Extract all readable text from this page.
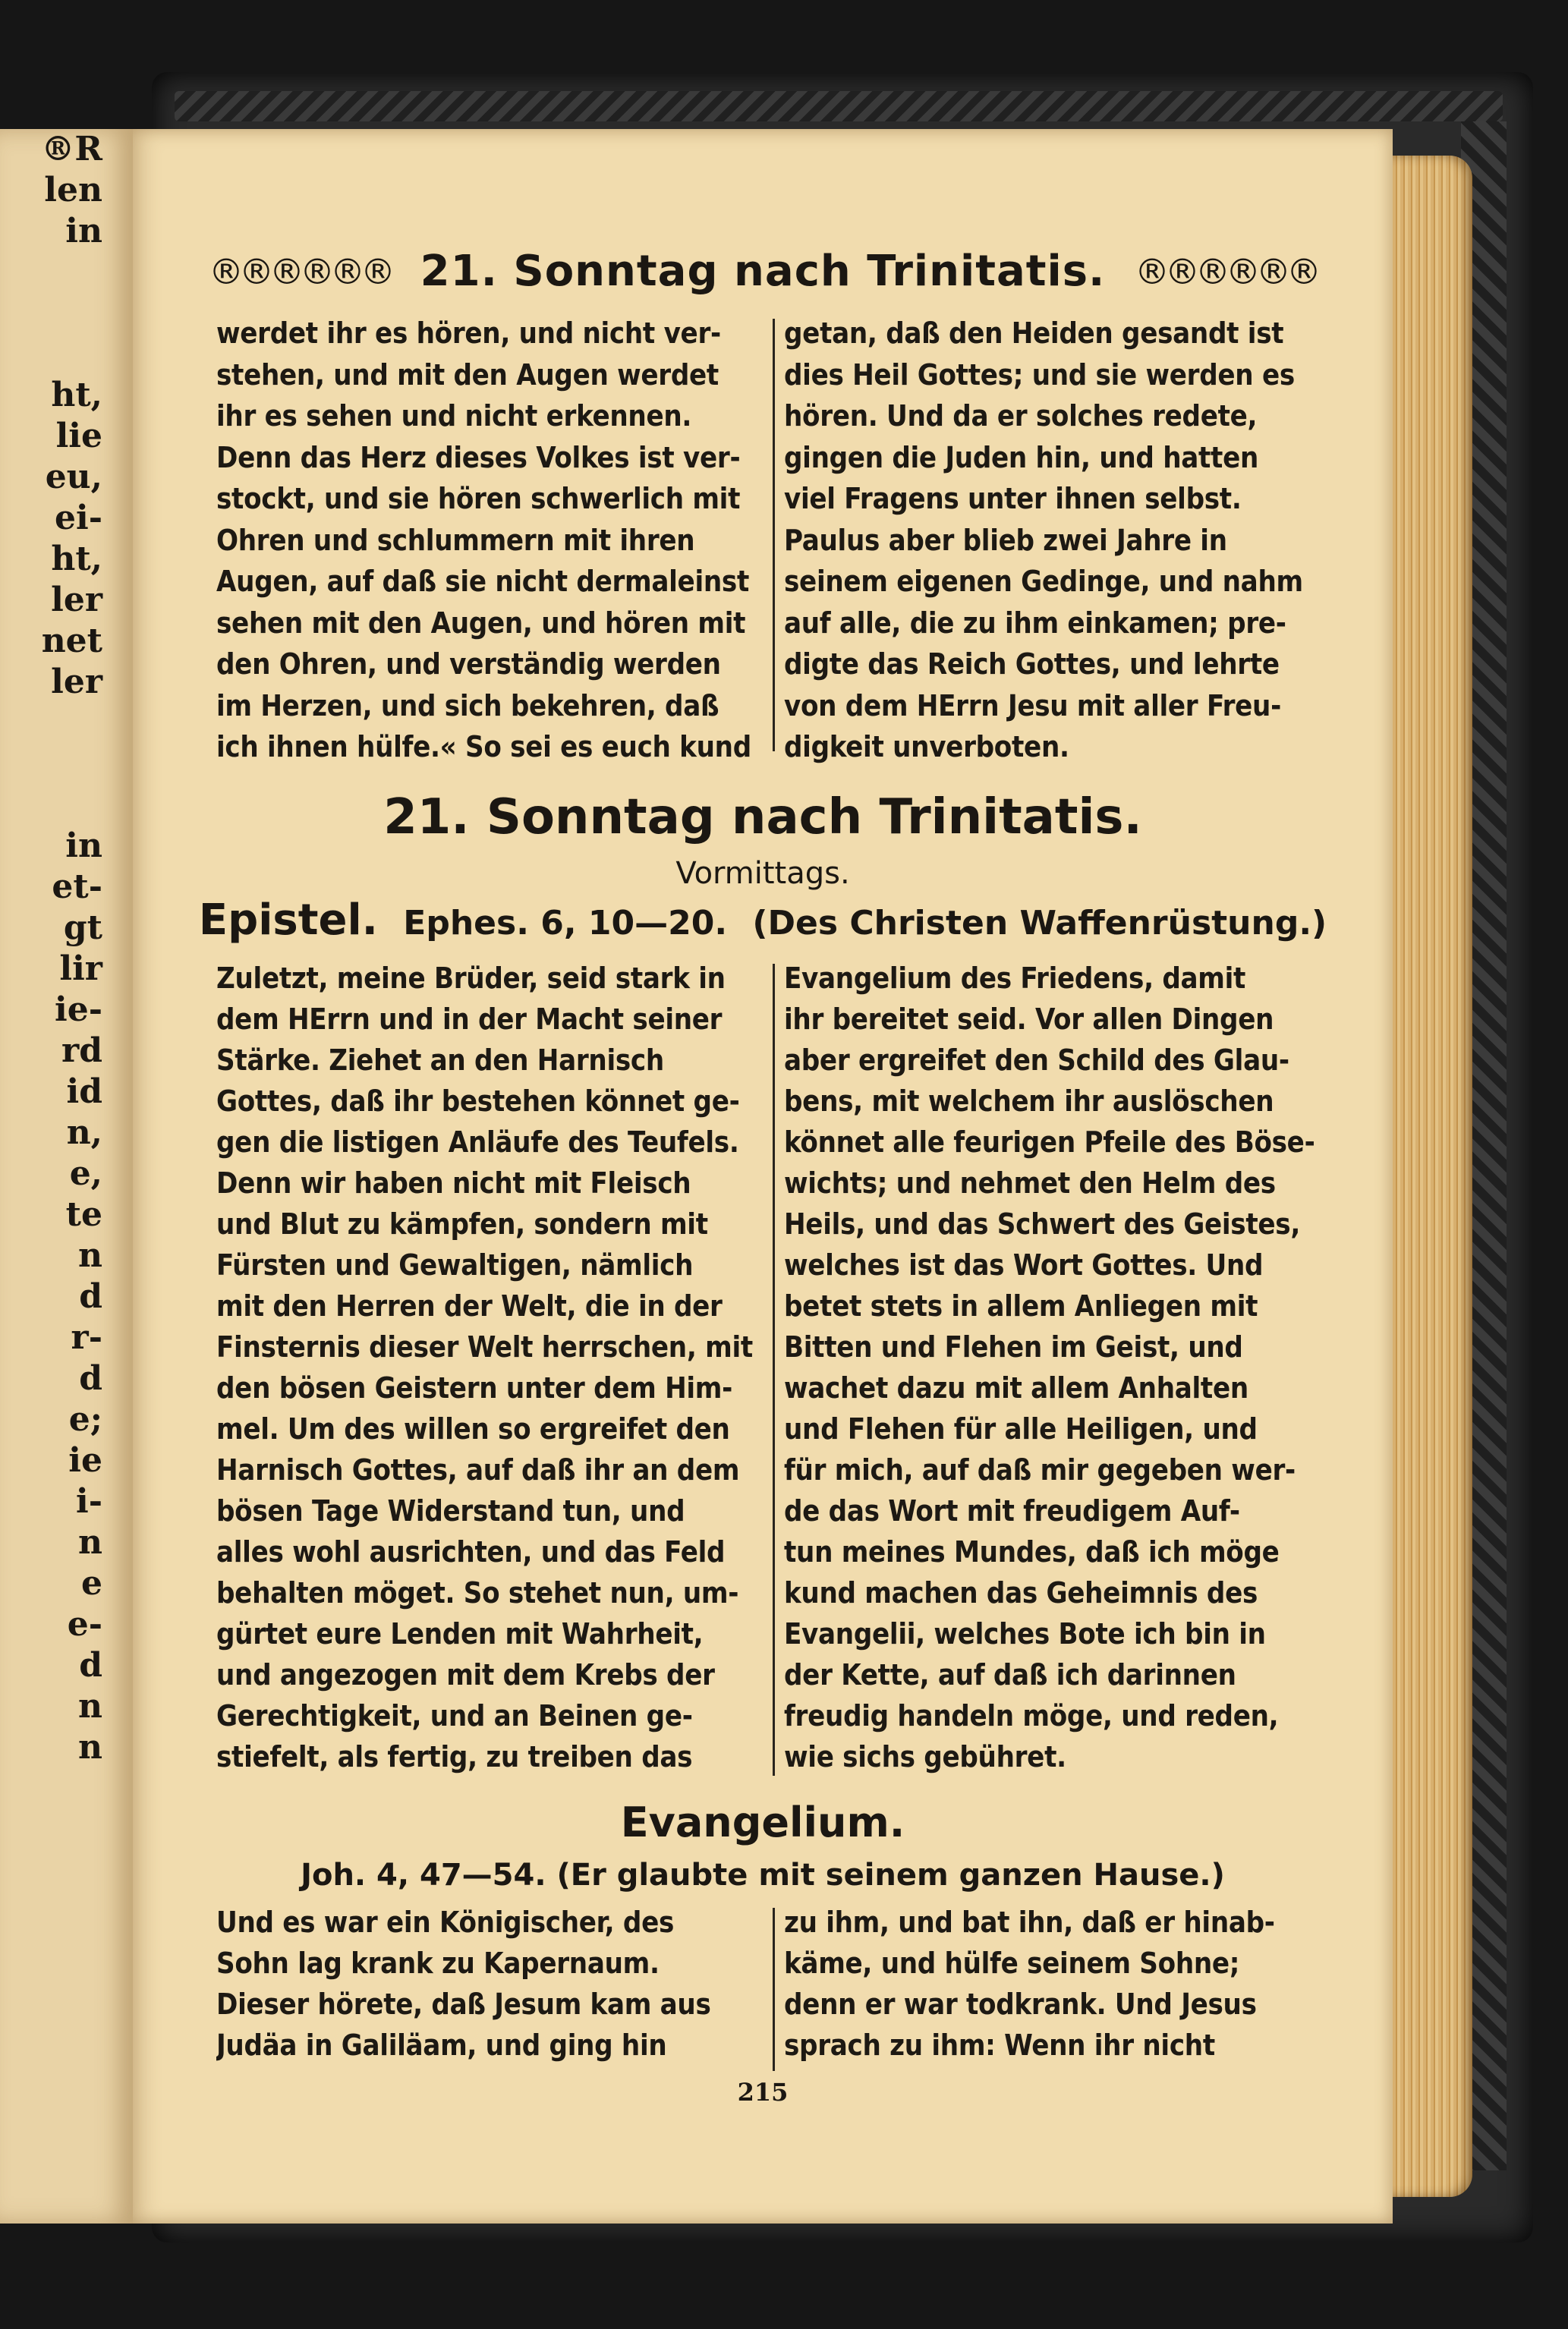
®R
len
in
ht,
lie
eu,
ei-
ht,
ler
net
ler
in
et-
gt
lir
ie-
rd
id
n,
e,
te
n
d
r-
d
e;
ie
i-
n
e
e-
d
n
n
®®®®®® 21. Sonntag nach Trinitatis. ®®®®®®
werdet ihr es hören, und nicht ver-
stehen, und mit den Augen werdet
ihr es sehen und nicht erkennen.
Denn das Herz dieses Volkes ist ver-
stockt, und sie hören schwerlich mit
Ohren und schlummern mit ihren
Augen, auf daß sie nicht dermaleinst
sehen mit den Augen, und hören mit
den Ohren, und verständig werden
im Herzen, und sich bekehren, daß
ich ihnen hülfe.« So sei es euch kund
getan, daß den Heiden gesandt ist
dies Heil Gottes; und sie werden es
hören. Und da er solches redete,
gingen die Juden hin, und hatten
viel Fragens unter ihnen selbst.
Paulus aber blieb zwei Jahre in
seinem eigenen Gedinge, und nahm
auf alle, die zu ihm einkamen; pre-
digte das Reich Gottes, und lehrte
von dem HErrn Jesu mit aller Freu-
digkeit unverboten.
21. Sonntag nach Trinitatis.
Vormittags.
Epistel. Ephes. 6, 10—20. (Des Christen Waffenrüstung.)
Zuletzt, meine Brüder, seid stark in
dem HErrn und in der Macht seiner
Stärke. Ziehet an den Harnisch
Gottes, daß ihr bestehen könnet ge-
gen die listigen Anläufe des Teufels.
Denn wir haben nicht mit Fleisch
und Blut zu kämpfen, sondern mit
Fürsten und Gewaltigen, nämlich
mit den Herren der Welt, die in der
Finsternis dieser Welt herrschen, mit
den bösen Geistern unter dem Him-
mel. Um des willen so ergreifet den
Harnisch Gottes, auf daß ihr an dem
bösen Tage Widerstand tun, und
alles wohl ausrichten, und das Feld
behalten möget. So stehet nun, um-
gürtet eure Lenden mit Wahrheit,
und angezogen mit dem Krebs der
Gerechtigkeit, und an Beinen ge-
stiefelt, als fertig, zu treiben das
Evangelium des Friedens, damit
ihr bereitet seid. Vor allen Dingen
aber ergreifet den Schild des Glau-
bens, mit welchem ihr auslöschen
könnet alle feurigen Pfeile des Böse-
wichts; und nehmet den Helm des
Heils, und das Schwert des Geistes,
welches ist das Wort Gottes. Und
betet stets in allem Anliegen mit
Bitten und Flehen im Geist, und
wachet dazu mit allem Anhalten
und Flehen für alle Heiligen, und
für mich, auf daß mir gegeben wer-
de das Wort mit freudigem Auf-
tun meines Mundes, daß ich möge
kund machen das Geheimnis des
Evangelii, welches Bote ich bin in
der Kette, auf daß ich darinnen
freudig handeln möge, und reden,
wie sichs gebühret.
Evangelium.
Joh. 4, 47—54. (Er glaubte mit seinem ganzen Hause.)
Und es war ein Königischer, des
Sohn lag krank zu Kapernaum.
Dieser hörete, daß Jesum kam aus
Judäa in Galiläam, und ging hin
zu ihm, und bat ihn, daß er hinab-
käme, und hülfe seinem Sohne;
denn er war todkrank. Und Jesus
sprach zu ihm: Wenn ihr nicht
215
